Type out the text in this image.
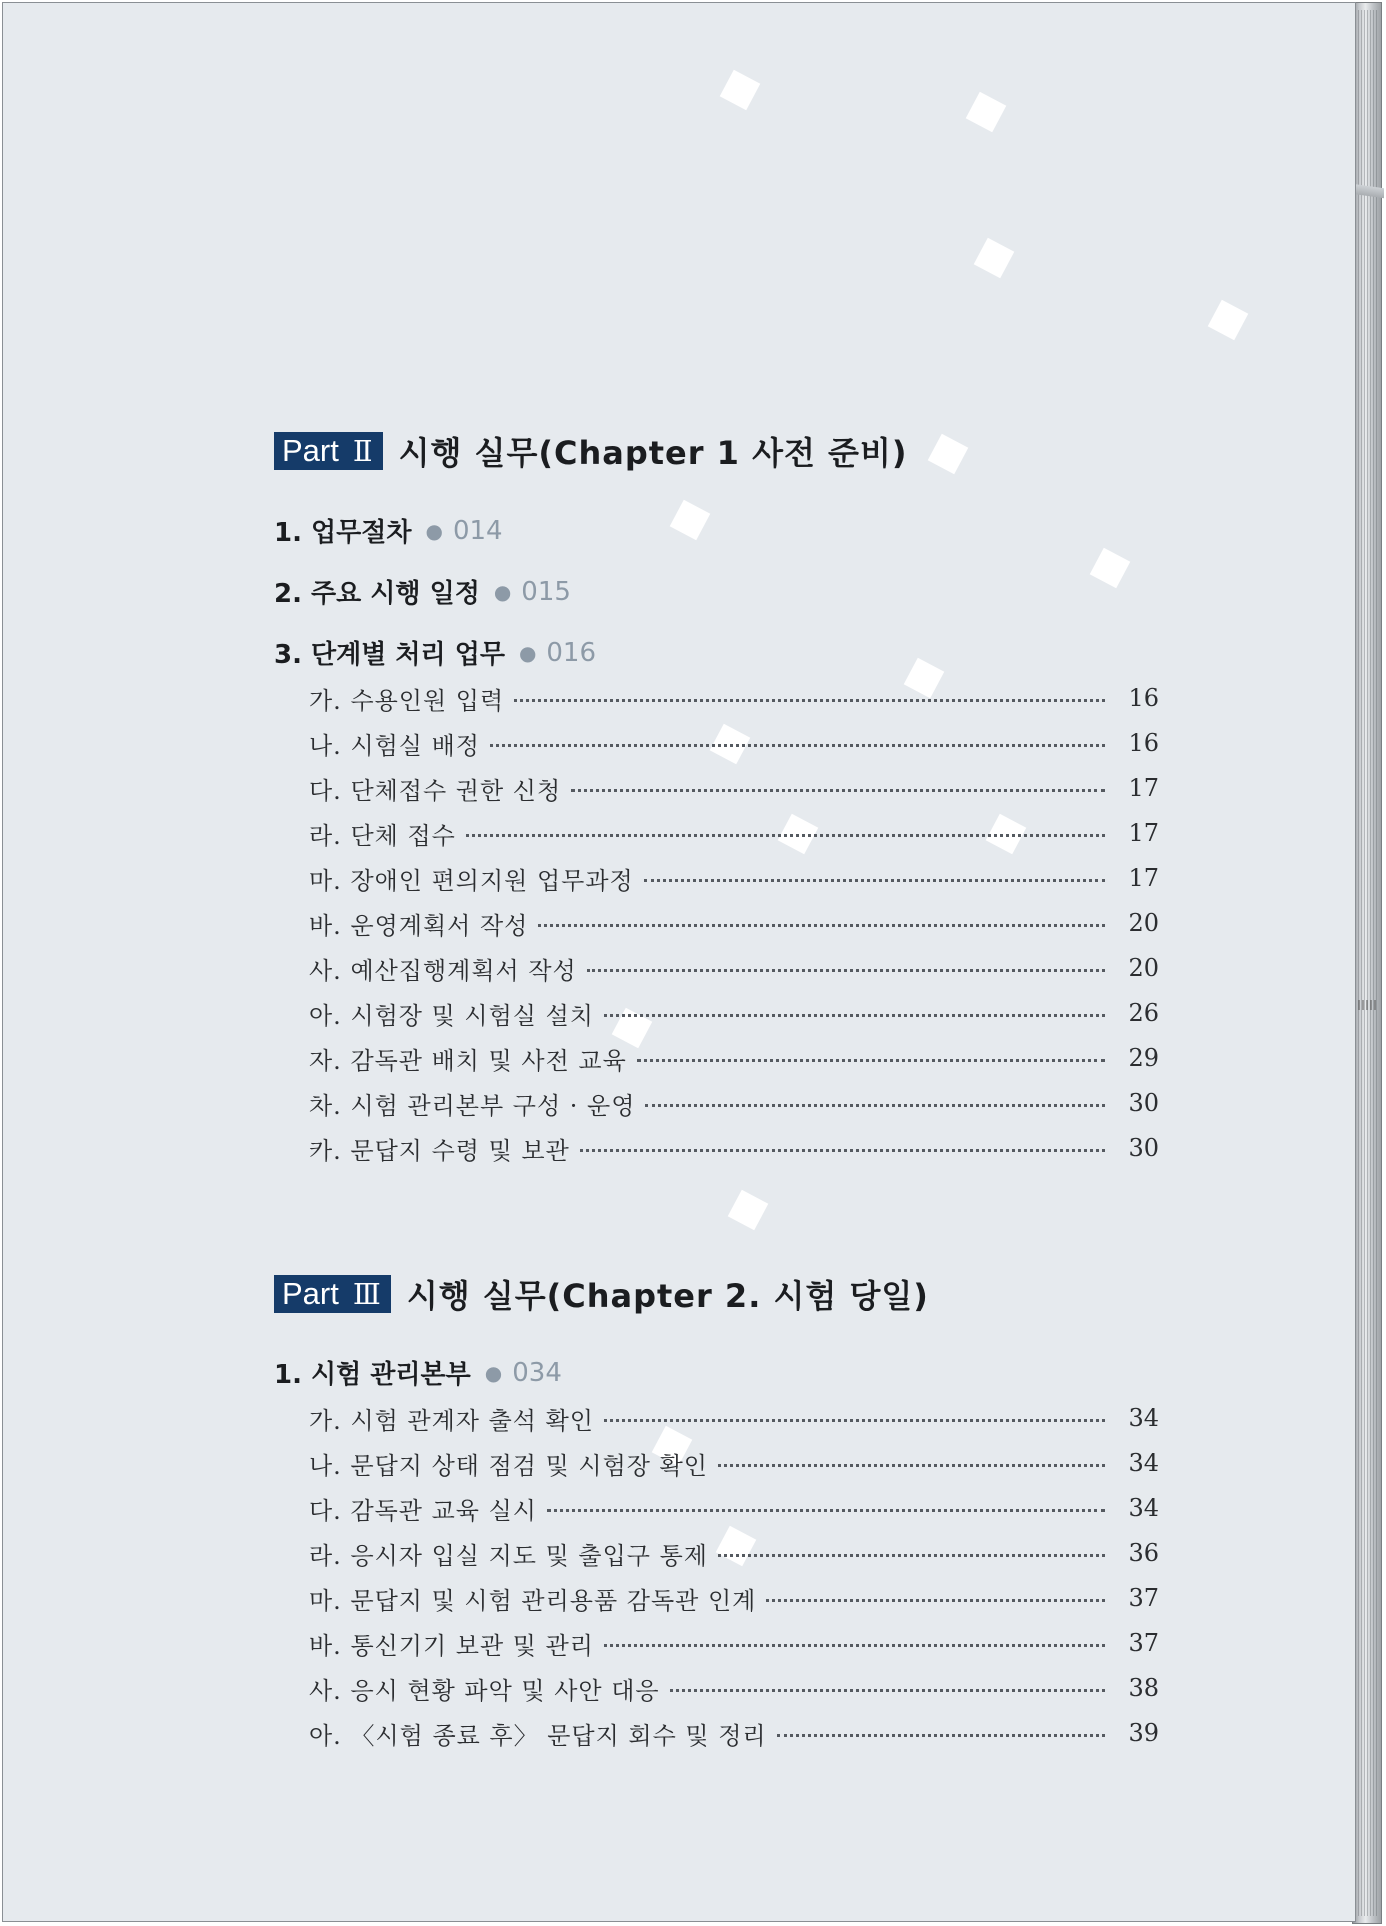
Part Ⅱ 시행 실무(Chapter 1 사전 준비)
1. 업무절차 ● 014
2. 주요 시행 일정 ● 015
3. 단계별 처리 업무 ● 016
가. 수용인원 입력	16
나. 시험실 배정	16
다. 단체접수 권한 신청	17
라. 단체 접수	17
마. 장애인 편의지원 업무과정	17
바. 운영계획서 작성	20
사. 예산집행계획서 작성	20
아. 시험장 및 시험실 설치	26
자. 감독관 배치 및 사전 교육	29
차. 시험 관리본부 구성 · 운영	30
카. 문답지 수령 및 보관	30
Part Ⅲ 시행 실무(Chapter 2. 시험 당일)
1. 시험 관리본부 ● 034
가. 시험 관계자 출석 확인	34
나. 문답지 상태 점검 및 시험장 확인	34
다. 감독관 교육 실시	34
라. 응시자 입실 지도 및 출입구 통제	36
마. 문답지 및 시험 관리용품 감독관 인계	37
바. 통신기기 보관 및 관리	37
사. 응시 현황 파악 및 사안 대응	38
아. 〈시험 종료 후〉 문답지 회수 및 정리	39
